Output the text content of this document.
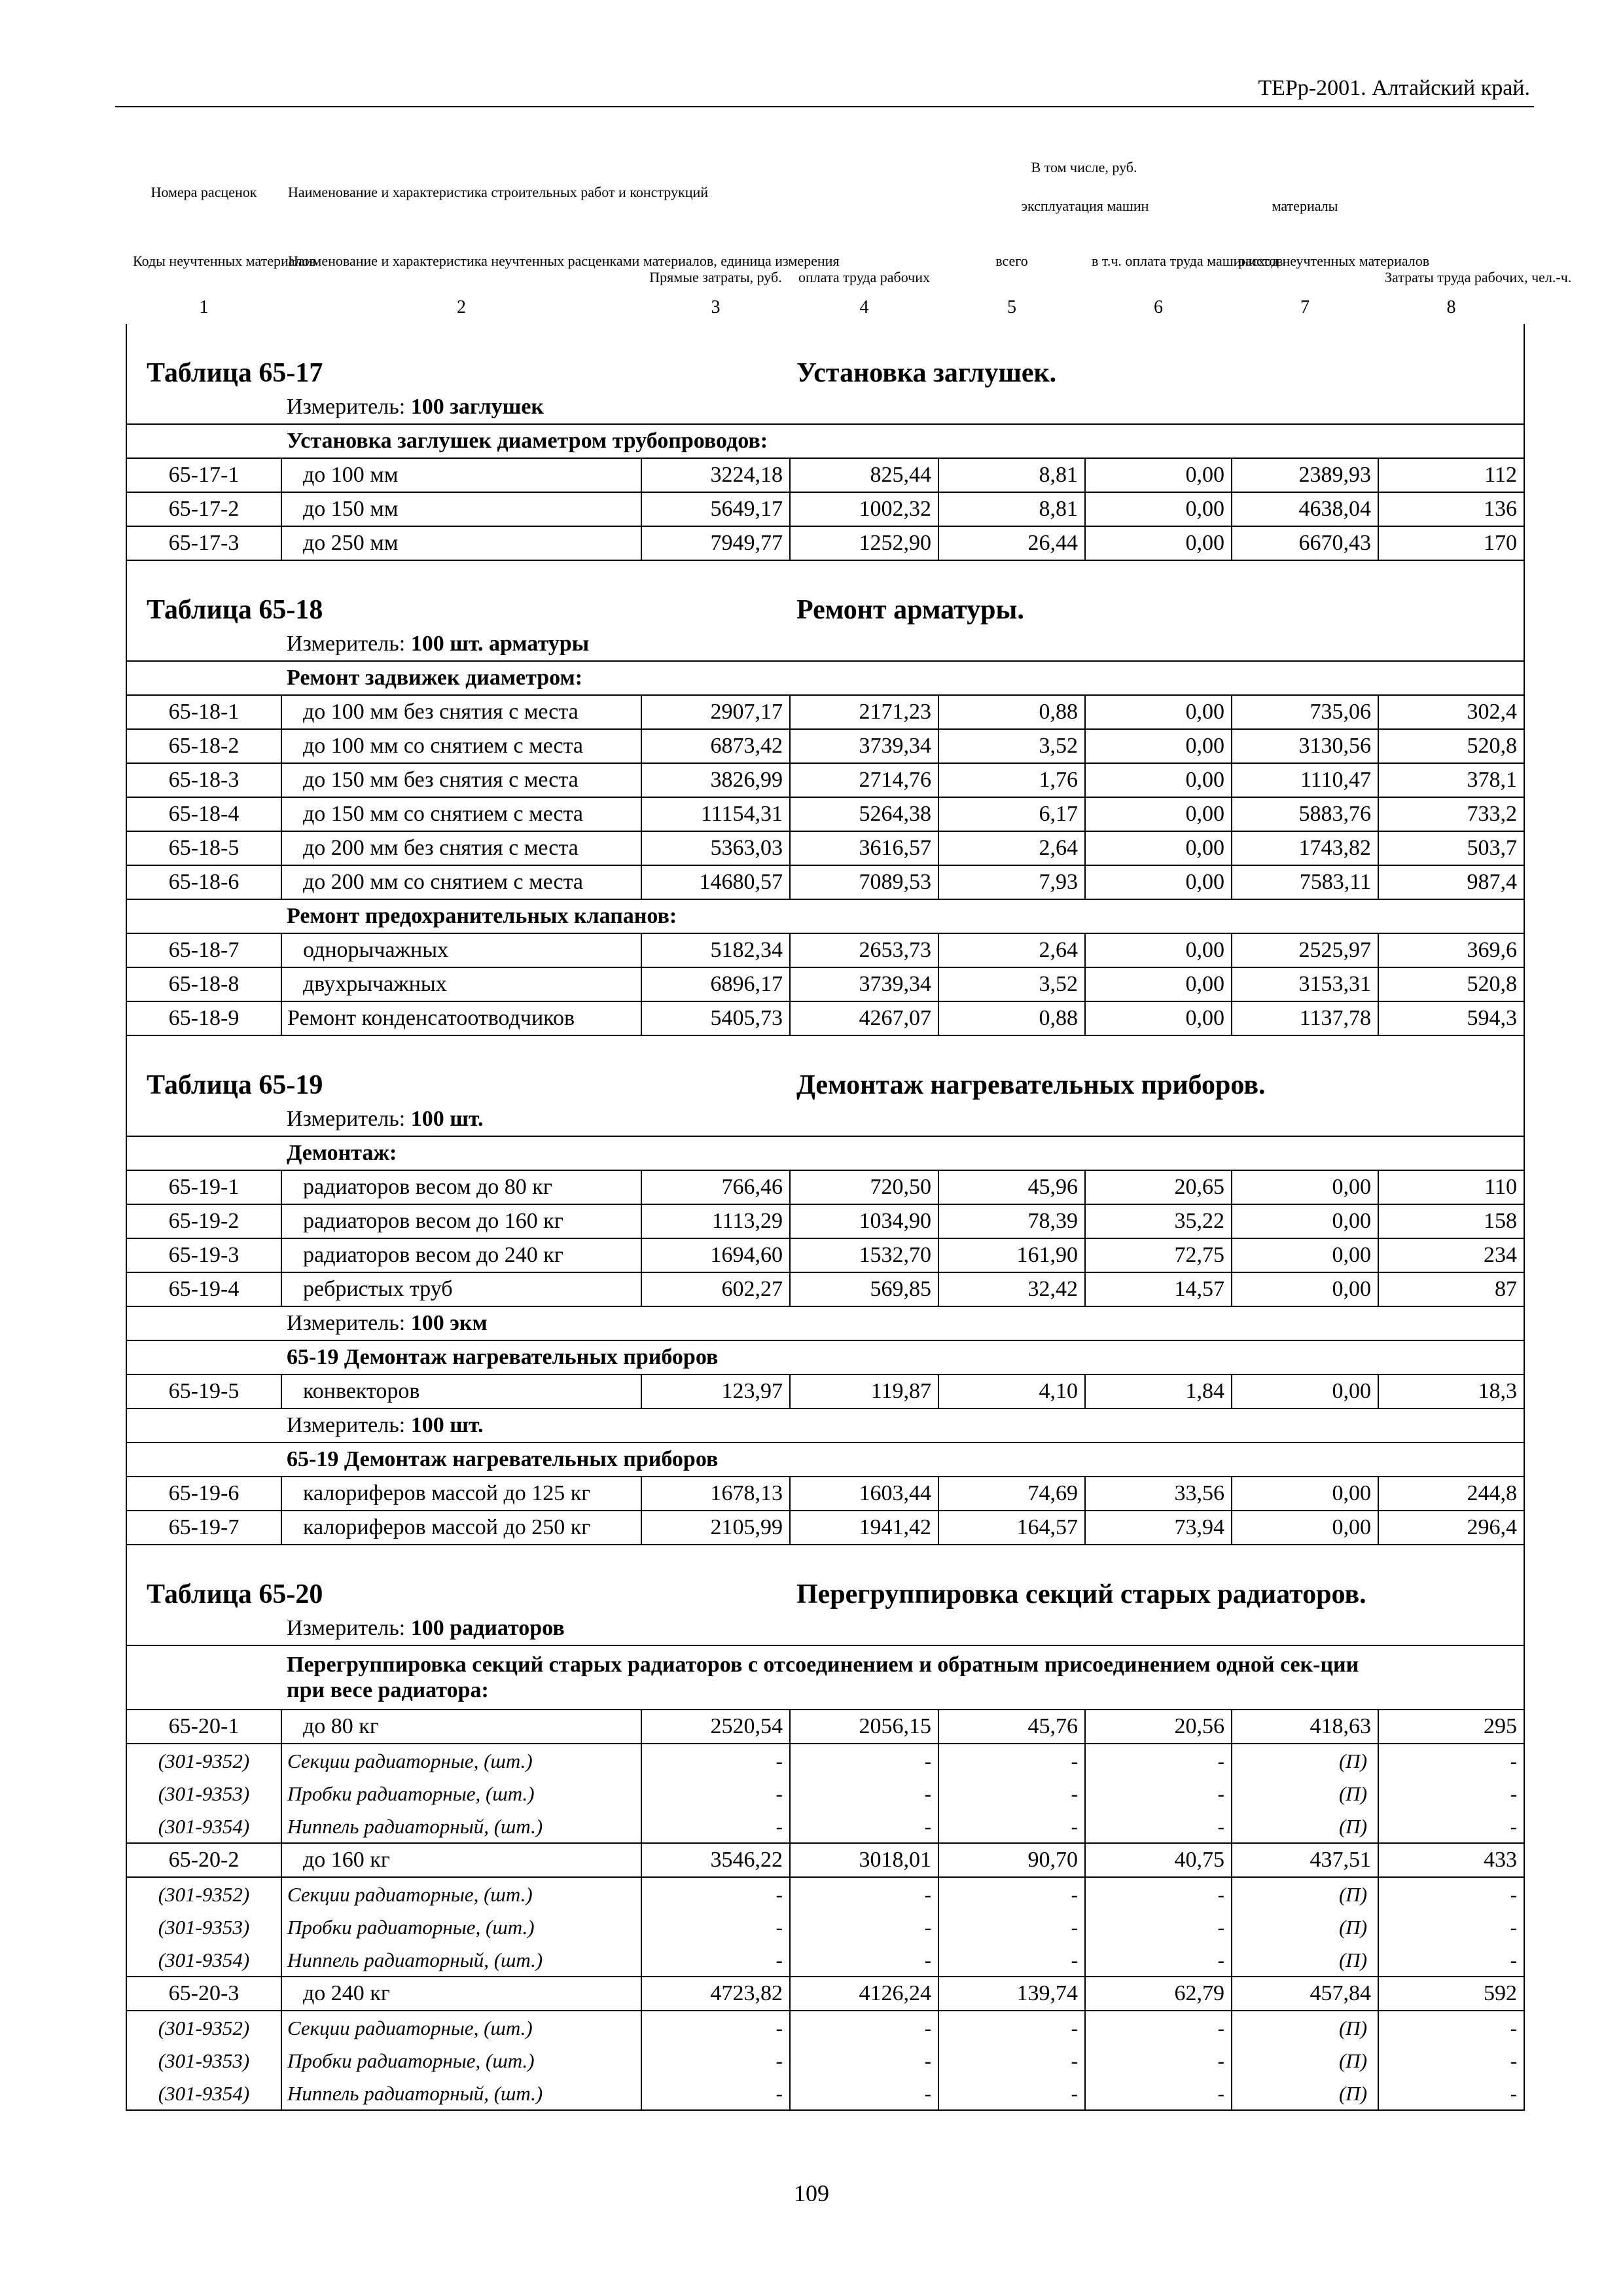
ТЕРр-2001. Алтайский край.
Номера расценок	Наименование и характеристика строительных работ и конструкций	Прямые затраты, руб.	В том числе, руб.				Затраты труда рабочих, чел.-ч.
			оплата труда рабочих	эксплуатация машин		материалы	
Коды неучтенных материалов	Наименование и характеристика неучтенных расценками материалов, единица измерения			всего	в т.ч. оплата труда машинистов	расход неучтенных материалов	
1	2	3	4	5	6	7	8
Таблица 65-17			Установка заглушек.				
	Измеритель: 100 заглушек						
	Установка заглушек диаметром трубопроводов:						
65-17-1	до 100 мм	3224,18	825,44	8,81	0,00	2389,93	112
65-17-2	до 150 мм	5649,17	1002,32	8,81	0,00	4638,04	136
65-17-3	до 250 мм	7949,77	1252,90	26,44	0,00	6670,43	170
Таблица 65-18			Ремонт арматуры.				
	Измеритель: 100 шт. арматуры						
	Ремонт задвижек диаметром:						
65-18-1	до 100 мм без снятия с места	2907,17	2171,23	0,88	0,00	735,06	302,4
65-18-2	до 100 мм со снятием с места	6873,42	3739,34	3,52	0,00	3130,56	520,8
65-18-3	до 150 мм без снятия с места	3826,99	2714,76	1,76	0,00	1110,47	378,1
65-18-4	до 150 мм со снятием с места	11154,31	5264,38	6,17	0,00	5883,76	733,2
65-18-5	до 200 мм без снятия с места	5363,03	3616,57	2,64	0,00	1743,82	503,7
65-18-6	до 200 мм со снятием с места	14680,57	7089,53	7,93	0,00	7583,11	987,4
	Ремонт предохранительных клапанов:						
65-18-7	однорычажных	5182,34	2653,73	2,64	0,00	2525,97	369,6
65-18-8	двухрычажных	6896,17	3739,34	3,52	0,00	3153,31	520,8
65-18-9	Ремонт конденсатоотводчиков	5405,73	4267,07	0,88	0,00	1137,78	594,3
Таблица 65-19			Демонтаж нагревательных приборов.				
	Измеритель: 100 шт.						
	Демонтаж:						
65-19-1	радиаторов весом до 80 кг	766,46	720,50	45,96	20,65	0,00	110
65-19-2	радиаторов весом до 160 кг	1113,29	1034,90	78,39	35,22	0,00	158
65-19-3	радиаторов весом до 240 кг	1694,60	1532,70	161,90	72,75	0,00	234
65-19-4	ребристых труб	602,27	569,85	32,42	14,57	0,00	87
	Измеритель: 100 экм						
	65-19 Демонтаж нагревательных приборов						
65-19-5	конвекторов	123,97	119,87	4,10	1,84	0,00	18,3
	Измеритель: 100 шт.						
	65-19 Демонтаж нагревательных приборов						
65-19-6	калориферов массой до 125 кг	1678,13	1603,44	74,69	33,56	0,00	244,8
65-19-7	калориферов массой до 250 кг	2105,99	1941,42	164,57	73,94	0,00	296,4
Таблица 65-20			Перегруппировка секций старых радиаторов.				
	Измеритель: 100 радиаторов						
	Перегруппировка секций старых радиаторов с отсоединением и обратным присоединением одной сек-ции при весе радиатора:						
65-20-1	до 80 кг	2520,54	2056,15	45,76	20,56	418,63	295
(301-9352)	Секции радиаторные, (шт.)	-	-	-	-	(П)	-
(301-9353)	Пробки радиаторные, (шт.)	-	-	-	-	(П)	-
(301-9354)	Ниппель радиаторный, (шт.)	-	-	-	-	(П)	-
65-20-2	до 160 кг	3546,22	3018,01	90,70	40,75	437,51	433
(301-9352)	Секции радиаторные, (шт.)	-	-	-	-	(П)	-
(301-9353)	Пробки радиаторные, (шт.)	-	-	-	-	(П)	-
(301-9354)	Ниппель радиаторный, (шт.)	-	-	-	-	(П)	-
65-20-3	до 240 кг	4723,82	4126,24	139,74	62,79	457,84	592
(301-9352)	Секции радиаторные, (шт.)	-	-	-	-	(П)	-
(301-9353)	Пробки радиаторные, (шт.)	-	-	-	-	(П)	-
(301-9354)	Ниппель радиаторный, (шт.)	-	-	-	-	(П)	-
109
